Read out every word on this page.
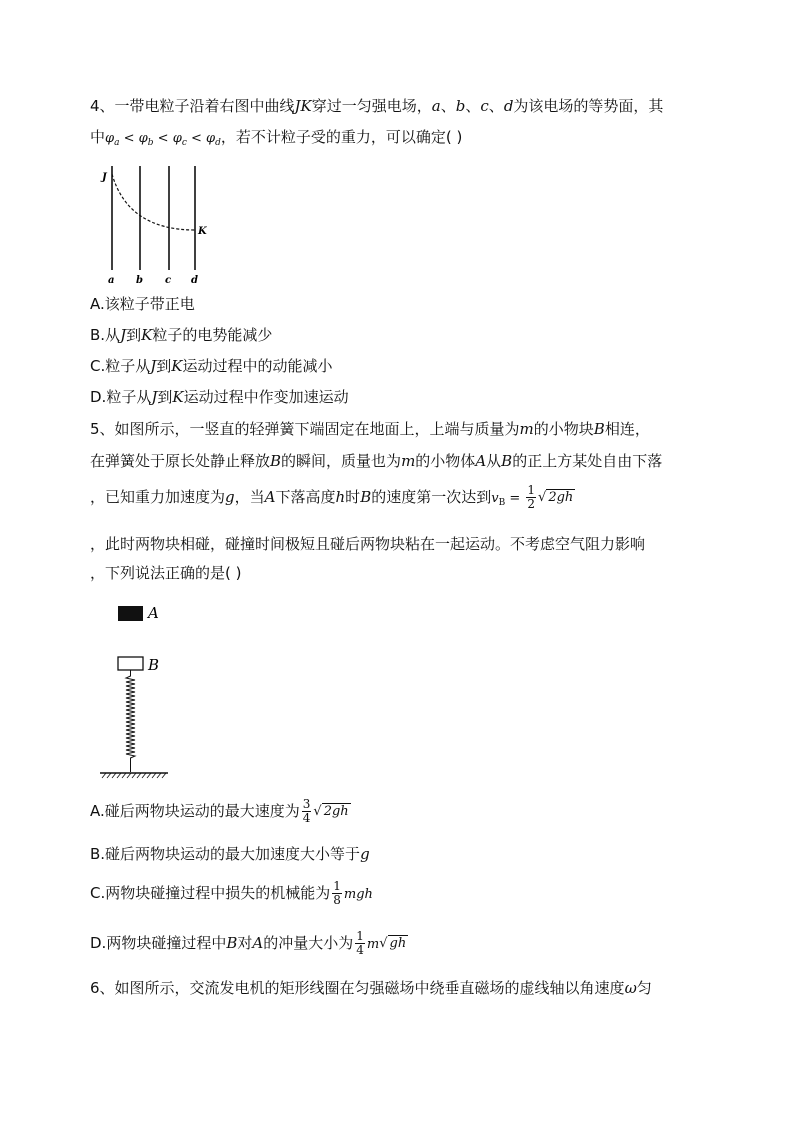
4、一带电粒子沿着右图中曲线JK穿过一匀强电场，a、b、c、d为该电场的等势面，其
中$\varphi_a < \varphi_b < \varphi_c < \varphi_d$，若不计粒子受的重力，可以确定( )
J
K
a b c d
A.该粒子带正电
B.从J到K粒子的电势能减少
C.粒子从J到K运动过程中的动能减小
D.粒子从J到K运动过程中作变加速运动
5、如图所示，一竖直的轻弹簧下端固定在地面上，上端与质量为m的小物块B相连，
在弹簧处于原长处静止释放B的瞬间，质量也为m的小物体A从B的正上方某处自由下落
，已知重力加速度为g，当A下落高度h时B的速度第一次达到$v_B = \frac{1}{2}$ √ 2gh
，此时两物块相碰，碰撞时间极短且碰后两物块粘在一起运动。不考虑空气阻力影响
，下列说法正确的是( )
A
B
A.碰后两物块运动的最大速度为 $\frac{3}{4}$ √ 2gh
B.碰后两物块运动的最大加速度大小等于g
C.两物块碰撞过程中损失的机械能为 $\frac{1}{8}$ mgh
D.两物块碰撞过程中B对A的冲量大小为 $\frac{1}{4} m√$ gh
6、如图所示，交流发电机的矩形线圈在匀强磁场中绕垂直磁场的虚线轴以角速度ω匀
